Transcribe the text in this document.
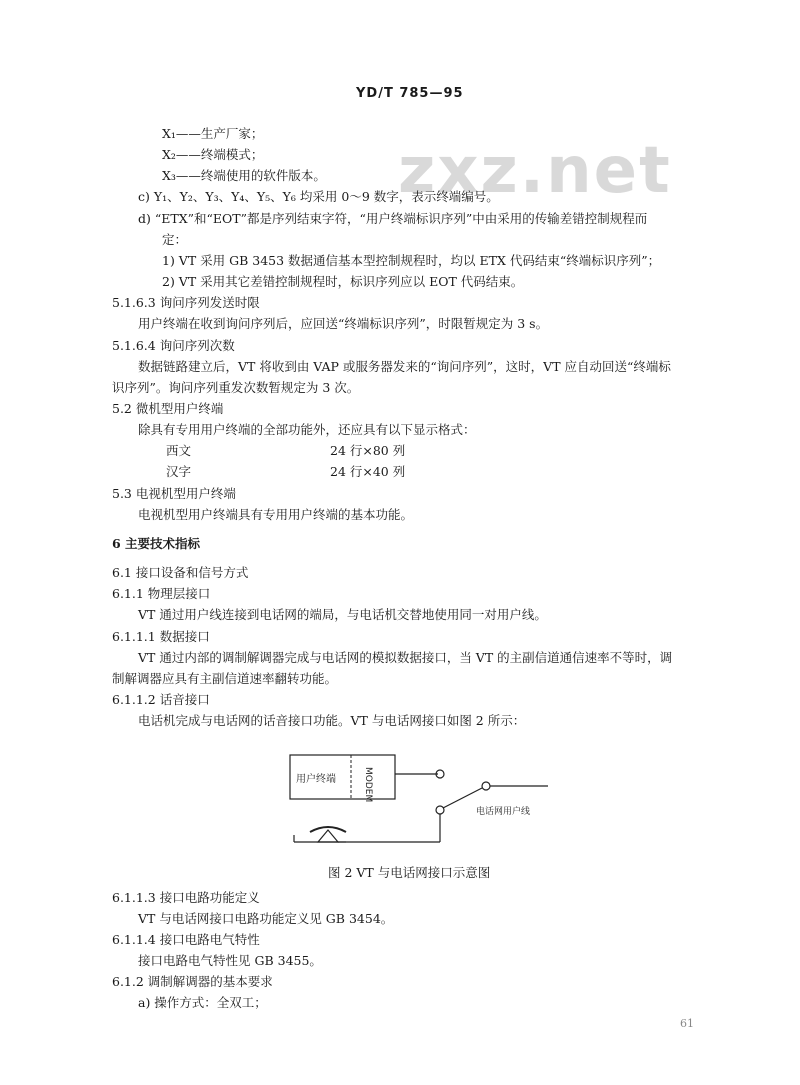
YD/T 785—95
zxz.net
X₁——生产厂家；
X₂——终端模式；
X₃——终端使用的软件版本。
c) Y₁、Y₂、Y₃、Y₄、Y₅、Y₆ 均采用 0～9 数字，表示终端编号。
d) “ETX”和“EOT”都是序列结束字符，“用户终端标识序列”中由采用的传输差错控制规程而
定：
1) VT 采用 GB 3453 数据通信基本型控制规程时，均以 ETX 代码结束“终端标识序列”；
2) VT 采用其它差错控制规程时，标识序列应以 EOT 代码结束。
5.1.6.3 询问序列发送时限
用户终端在收到询问序列后，应回送“终端标识序列”，时限暂规定为 3 s。
5.1.6.4 询问序列次数
数据链路建立后，VT 将收到由 VAP 或服务器发来的“询问序列”，这时，VT 应自动回送“终端标
识序列”。询问序列重发次数暂规定为 3 次。
5.2 微机型用户终端
除具有专用用户终端的全部功能外，还应具有以下显示格式：
西文	24 行×80 列
汉字	24 行×40 列
5.3 电视机型用户终端
电视机型用户终端具有专用用户终端的基本功能。
6 主要技术指标
6.1 接口设备和信号方式
6.1.1 物理层接口
VT 通过用户线连接到电话网的端局，与电话机交替地使用同一对用户线。
6.1.1.1 数据接口
VT 通过内部的调制解调器完成与电话网的模拟数据接口，当 VT 的主副信道通信速率不等时，调
制解调器应具有主副信道速率翻转功能。
6.1.1.2 话音接口
电话机完成与电话网的话音接口功能。VT 与电话网接口如图 2 所示：
用户终端	MODEM
电话网用户线
图 2 VT 与电话网接口示意图
6.1.1.3 接口电路功能定义
VT 与电话网接口电路功能定义见 GB 3454。
6.1.1.4 接口电路电气特性
接口电路电气特性见 GB 3455。
6.1.2 调制解调器的基本要求
a) 操作方式：全双工；
61
